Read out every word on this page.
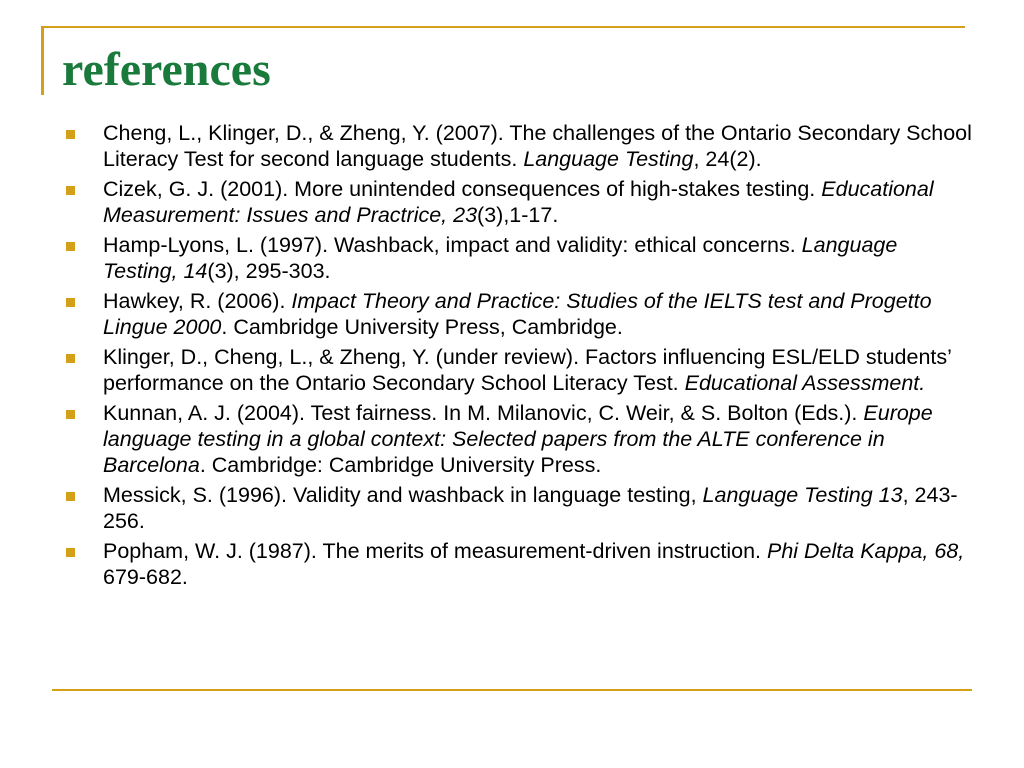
references
Cheng, L., Klinger, D., & Zheng, Y. (2007). The challenges of the Ontario Secondary School Literacy Test for second language students. Language Testing, 24(2).
Cizek, G. J. (2001). More unintended consequences of high-stakes testing. Educational Measurement: Issues and Practrice, 23(3),1-17.
Hamp-Lyons, L. (1997). Washback, impact and validity: ethical concerns. Language Testing, 14(3), 295-303.
Hawkey, R. (2006). Impact Theory and Practice: Studies of the IELTS test and Progetto Lingue 2000. Cambridge University Press, Cambridge.
Klinger, D., Cheng, L., & Zheng, Y. (under review). Factors influencing ESL/ELD students’ performance on the Ontario Secondary School Literacy Test. Educational Assessment.
Kunnan, A. J. (2004). Test fairness. In M. Milanovic, C. Weir, & S. Bolton (Eds.). Europe language testing in a global context: Selected papers from the ALTE conference in Barcelona. Cambridge: Cambridge University Press.
Messick, S. (1996). Validity and washback in language testing, Language Testing 13, 243-256.
Popham, W. J. (1987). The merits of measurement-driven instruction. Phi Delta Kappa, 68, 679-682.
